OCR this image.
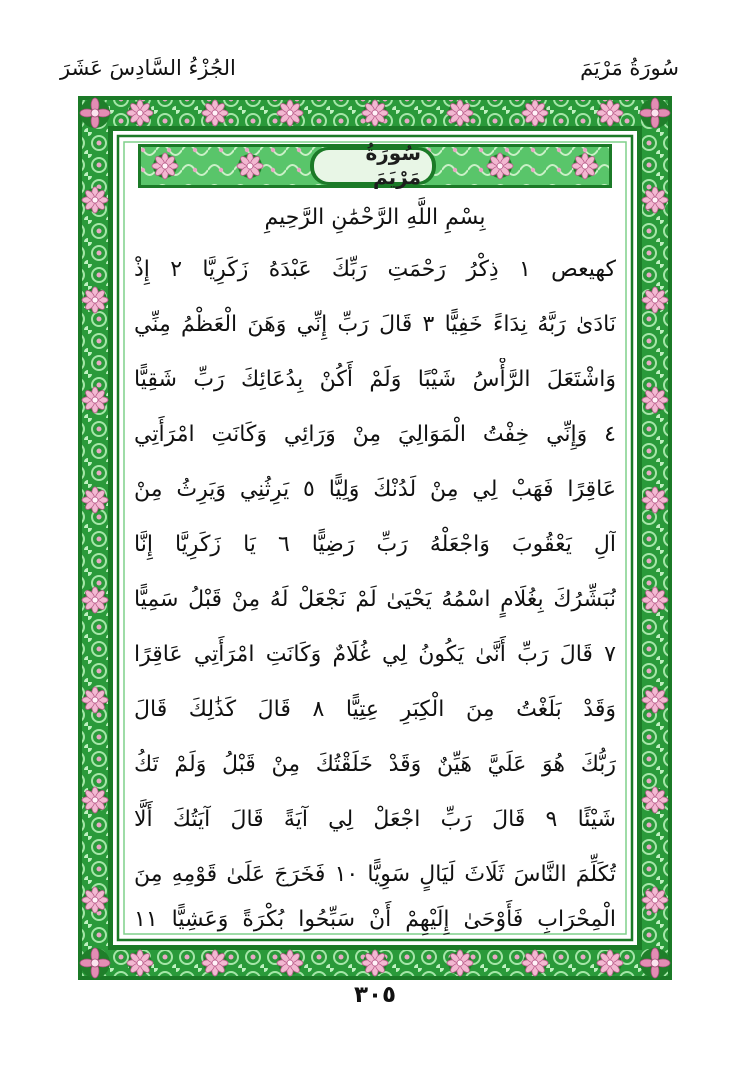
سُورَةُ مَرْيَمَ
الجُزْءُ السَّادِسَ عَشَرَ
سُورَةُ مَرْيَمَ
بِسْمِ اللَّهِ الرَّحْمَٰنِ الرَّحِيمِ
كهيعص ١ ذِكْرُ رَحْمَتِ رَبِّكَ عَبْدَهُ زَكَرِيَّا ٢ إِذْ
نَادَىٰ رَبَّهُ نِدَاءً خَفِيًّا ٣ قَالَ رَبِّ إِنِّي وَهَنَ الْعَظْمُ مِنِّي
وَاشْتَعَلَ الرَّأْسُ شَيْبًا وَلَمْ أَكُنْ بِدُعَائِكَ رَبِّ شَقِيًّا
٤ وَإِنِّي خِفْتُ الْمَوَالِيَ مِنْ وَرَائِي وَكَانَتِ امْرَأَتِي
عَاقِرًا فَهَبْ لِي مِنْ لَدُنْكَ وَلِيًّا ٥ يَرِثُنِي وَيَرِثُ مِنْ
آلِ يَعْقُوبَ وَاجْعَلْهُ رَبِّ رَضِيًّا ٦ يَا زَكَرِيَّا إِنَّا
نُبَشِّرُكَ بِغُلَامٍ اسْمُهُ يَحْيَىٰ لَمْ نَجْعَلْ لَهُ مِنْ قَبْلُ سَمِيًّا
٧ قَالَ رَبِّ أَنَّىٰ يَكُونُ لِي غُلَامٌ وَكَانَتِ امْرَأَتِي عَاقِرًا
وَقَدْ بَلَغْتُ مِنَ الْكِبَرِ عِتِيًّا ٨ قَالَ كَذَٰلِكَ قَالَ
رَبُّكَ هُوَ عَلَيَّ هَيِّنٌ وَقَدْ خَلَقْتُكَ مِنْ قَبْلُ وَلَمْ تَكُ
شَيْئًا ٩ قَالَ رَبِّ اجْعَلْ لِي آيَةً قَالَ آيَتُكَ أَلَّا
تُكَلِّمَ النَّاسَ ثَلَاثَ لَيَالٍ سَوِيًّا ١٠ فَخَرَجَ عَلَىٰ قَوْمِهِ مِنَ
الْمِحْرَابِ فَأَوْحَىٰ إِلَيْهِمْ أَنْ سَبِّحُوا بُكْرَةً وَعَشِيًّا ١١
٣٠٥
